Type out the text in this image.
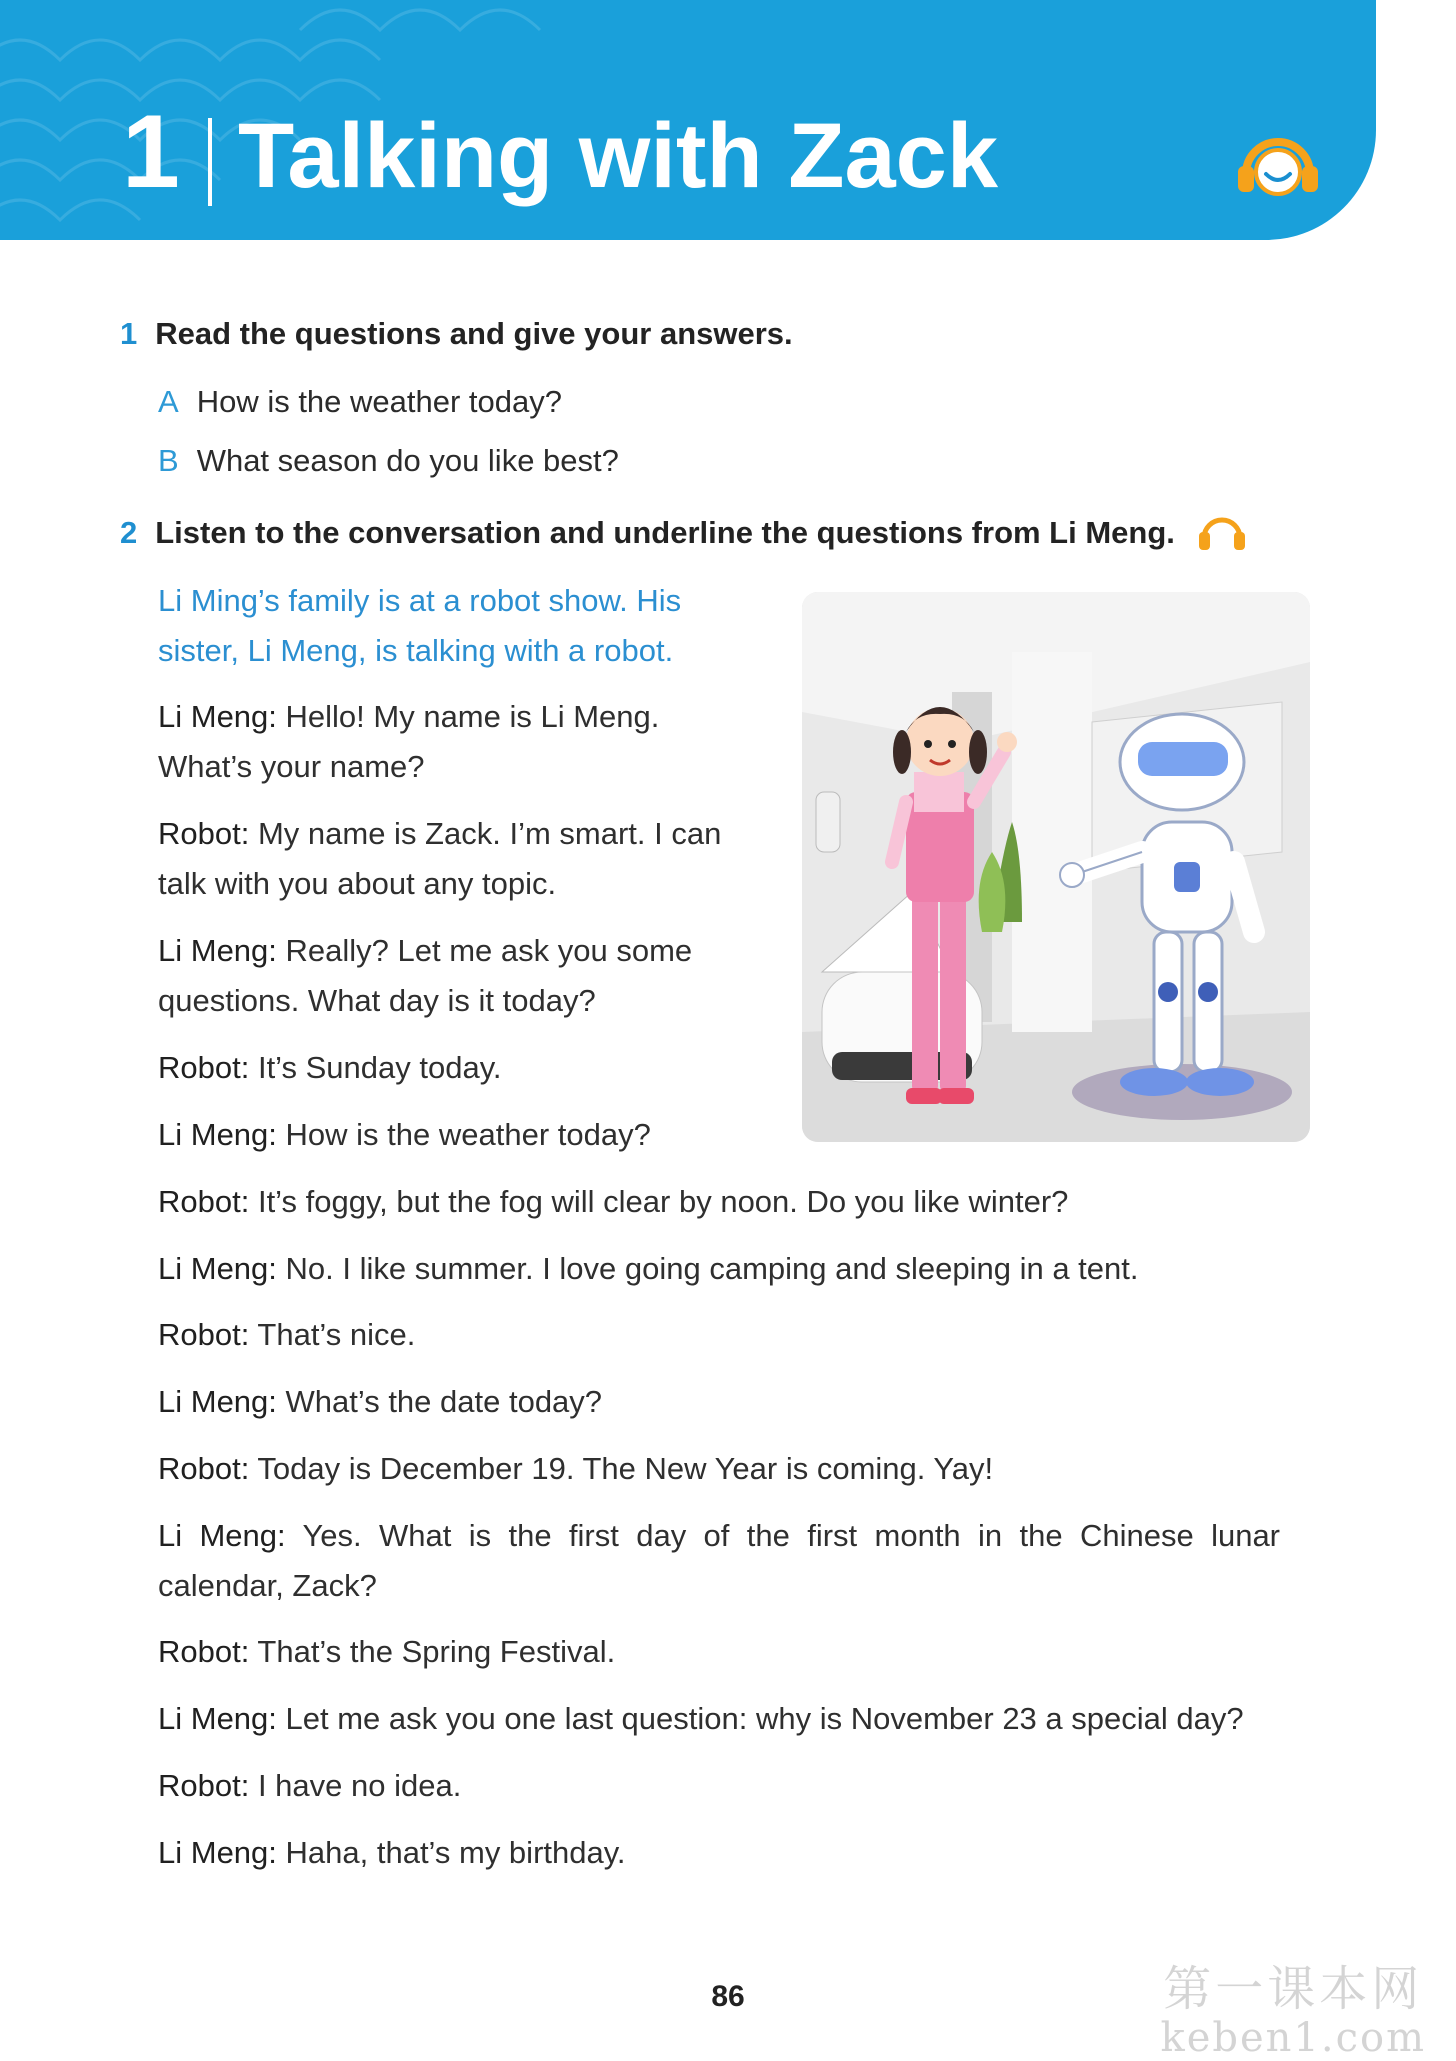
1 Talking with Zack
1 Read the questions and give your answers.
A How is the weather today?
B What season do you like best?
2 Listen to the conversation and underline the questions from Li Meng.
Li Ming’s family is at a robot show. His sister, Li Meng, is talking with a robot.
Li Meng: Hello! My name is Li Meng.
What’s your name?
Robot: My name is Zack. I’m smart. I can
talk with you about any topic.
Li Meng: Really? Let me ask you some
questions. What day is it today?
Robot: It’s Sunday today.
Li Meng: How is the weather today?
Robot: It’s foggy, but the fog will clear by noon. Do you like winter?
Li Meng: No. I like summer. I love going camping and sleeping in a tent.
Robot: That’s nice.
Li Meng: What’s the date today?
Robot: Today is December 19. The New Year is coming. Yay!
Li Meng: Yes. What is the first day of the first month in the Chinese lunar calendar, Zack?
Robot: That’s the Spring Festival.
Li Meng: Let me ask you one last question: why is November 23 a special day?
Robot: I have no idea.
Li Meng: Haha, that’s my birthday.
86	第一课本网
keben1.com
